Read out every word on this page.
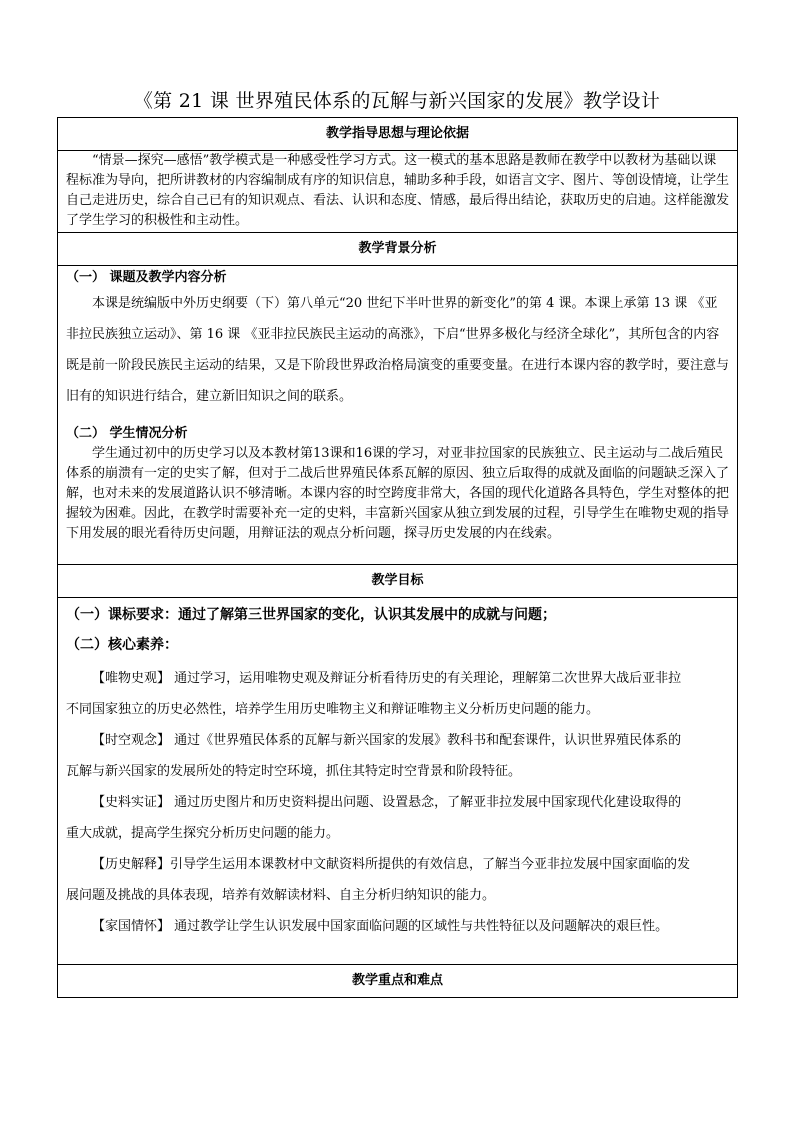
《第 21 课 世界殖民体系的瓦解与新兴国家的发展》教学设计
教学指导思想与理论依据

“情景—探究—感悟”教学模式是一种感受性学习方式。这一模式的基本思路是教师在教学中以教材为基础以课程标准为导向，把所讲教材的内容编制成有序的知识信息，辅助多种手段，如语言文字、图片、等创设情境，让学生自己走进历史，综合自己已有的知识观点、看法、认识和态度、情感，最后得出结论，获取历史的启迪。这样能激发了学生学习的积极性和主动性。

教学背景分析

（一） 课题及教学内容分析

本课是统编版中外历史纲要（下）第八单元“20 世纪下半叶世界的新变化”的第 4 课。本课上承第 13 课 《亚非拉民族独立运动》、第 16 课 《亚非拉民族民主运动的高涨》，下启“世界多极化与经济全球化”，其所包含的内容既是前一阶段民族民主运动的结果，又是下阶段世界政治格局演变的重要变量。在进行本课内容的教学时，要注意与旧有的知识进行结合，建立新旧知识之间的联系。

（二） 学生情况分析

学生通过初中的历史学习以及本教材第13课和16课的学习，对亚非拉国家的民族独立、民主运动与二战后殖民体系的崩溃有一定的史实了解，但对于二战后世界殖民体系瓦解的原因、独立后取得的成就及面临的问题缺乏深入了解，也对未来的发展道路认识不够清晰。本课内容的时空跨度非常大，各国的现代化道路各具特色，学生对整体的把握较为困难。因此，在教学时需要补充一定的史料，丰富新兴国家从独立到发展的过程，引导学生在唯物史观的指导下用发展的眼光看待历史问题，用辩证法的观点分析问题，探寻历史发展的内在线索。

教学目标

（一）课标要求：通过了解第三世界国家的变化，认识其发展中的成就与问题；

（二）核心素养：

【唯物史观】 通过学习，运用唯物史观及辩证分析看待历史的有关理论，理解第二次世界大战后亚非拉

不同国家独立的历史必然性，培养学生用历史唯物主义和辩证唯物主义分析历史问题的能力。

【时空观念】 通过《世界殖民体系的瓦解与新兴国家的发展》教科书和配套课件，认识世界殖民体系的

瓦解与新兴国家的发展所处的特定时空环境，抓住其特定时空背景和阶段特征。

【史料实证】 通过历史图片和历史资料提出问题、设置悬念，了解亚非拉发展中国家现代化建设取得的

重大成就，提高学生探究分析历史问题的能力。

【历史解释】引导学生运用本课教材中文献资料所提供的有效信息，了解当今亚非拉发展中国家面临的发

展问题及挑战的具体表现，培养有效解读材料、自主分析归纳知识的能力。

【家国情怀】 通过教学让学生认识发展中国家面临问题的区域性与共性特征以及问题解决的艰巨性。

教学重点和难点
